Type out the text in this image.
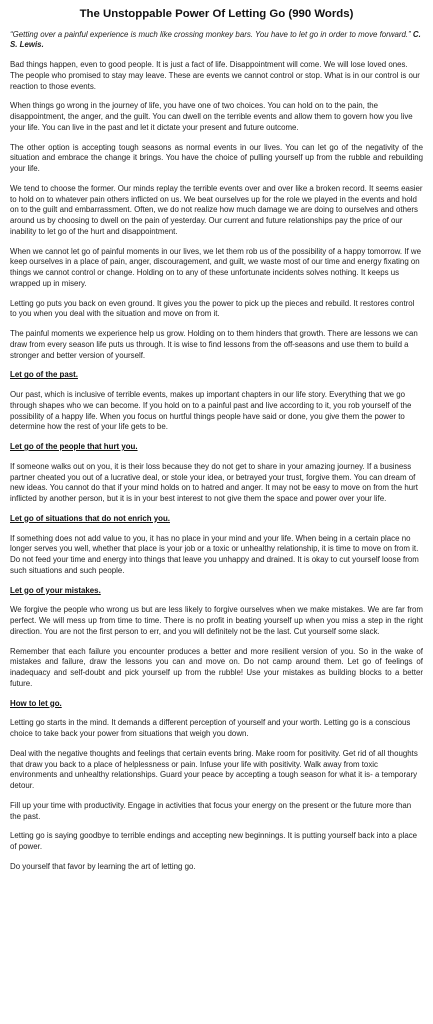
The Unstoppable Power Of Letting Go (990 Words)

“Getting over a painful experience is much like crossing monkey bars. You have to let go in order to move forward.” C. S. Lewis.

Bad things happen, even to good people. It is just a fact of life. Disappointment will come. We will lose loved ones. The people who promised to stay may leave. These are events we cannot control or stop. What is in our control is our reaction to those events.

When things go wrong in the journey of life, you have one of two choices. You can hold on to the pain, the disappointment, the anger, and the guilt. You can dwell on the terrible events and allow them to govern how you live your life. You can live in the past and let it dictate your present and future outcome.

The other option is accepting tough seasons as normal events in our lives. You can let go of the negativity of the situation and embrace the change it brings. You have the choice of pulling yourself up from the rubble and rebuilding your life.

We tend to choose the former. Our minds replay the terrible events over and over like a broken record. It seems easier to hold on to whatever pain others inflicted on us. We beat ourselves up for the role we played in the events and hold on to the guilt and embarrassment. Often, we do not realize how much damage we are doing to ourselves and others around us by choosing to dwell on the pain of yesterday. Our current and future relationships pay the price of our inability to let go of the hurt and disappointment.

When we cannot let go of painful moments in our lives, we let them rob us of the possibility of a happy tomorrow. If we keep ourselves in a place of pain, anger, discouragement, and guilt, we waste most of our time and energy fixating on things we cannot control or change. Holding on to any of these unfortunate incidents solves nothing. It keeps us wrapped up in misery.

Letting go puts you back on even ground. It gives you the power to pick up the pieces and rebuild. It restores control to you when you deal with the situation and move on from it.

The painful moments we experience help us grow. Holding on to them hinders that growth. There are lessons we can draw from every season life puts us through. It is wise to find lessons from the off-seasons and use them to build a stronger and better version of yourself.

Let go of the past.

Our past, which is inclusive of terrible events, makes up important chapters in our life story. Everything that we go through shapes who we can become. If you hold on to a painful past and live according to it, you rob yourself of the possibility of a happy life. When you focus on hurtful things people have said or done, you give them the power to determine how the rest of your life gets to be.

Let go of the people that hurt you.

If someone walks out on you, it is their loss because they do not get to share in your amazing journey. If a business partner cheated you out of a lucrative deal, or stole your idea, or betrayed your trust, forgive them. You can dream of new ideas. You cannot do that if your mind holds on to hatred and anger. It may not be easy to move on from the hurt inflicted by another person, but it is in your best interest to not give them the space and power over your life.

Let go of situations that do not enrich you.

If something does not add value to you, it has no place in your mind and your life. When being in a certain place no longer serves you well, whether that place is your job or a toxic or unhealthy relationship, it is time to move on from it. Do not feed your time and energy into things that leave you unhappy and drained. It is okay to cut yourself loose from such situations and such people.

Let go of your mistakes.

We forgive the people who wrong us but are less likely to forgive ourselves when we make mistakes. We are far from perfect. We will mess up from time to time. There is no profit in beating yourself up when you miss a step in the right direction. You are not the first person to err, and you will definitely not be the last. Cut yourself some slack.

Remember that each failure you encounter produces a better and more resilient version of you. So in the wake of mistakes and failure, draw the lessons you can and move on. Do not camp around them. Let go of feelings of inadequacy and self-doubt and pick yourself up from the rubble! Use your mistakes as building blocks to a better future.

How to let go.

Letting go starts in the mind. It demands a different perception of yourself and your worth. Letting go is a conscious choice to take back your power from situations that weigh you down.

Deal with the negative thoughts and feelings that certain events bring. Make room for positivity. Get rid of all thoughts that draw you back to a place of helplessness or pain. Infuse your life with positivity. Walk away from toxic environments and unhealthy relationships. Guard your peace by accepting a tough season for what it is- a temporary detour.

Fill up your time with productivity. Engage in activities that focus your energy on the present or the future more than the past.

Letting go is saying goodbye to terrible endings and accepting new beginnings. It is putting yourself back into a place of power.

Do yourself that favor by learning the art of letting go.
